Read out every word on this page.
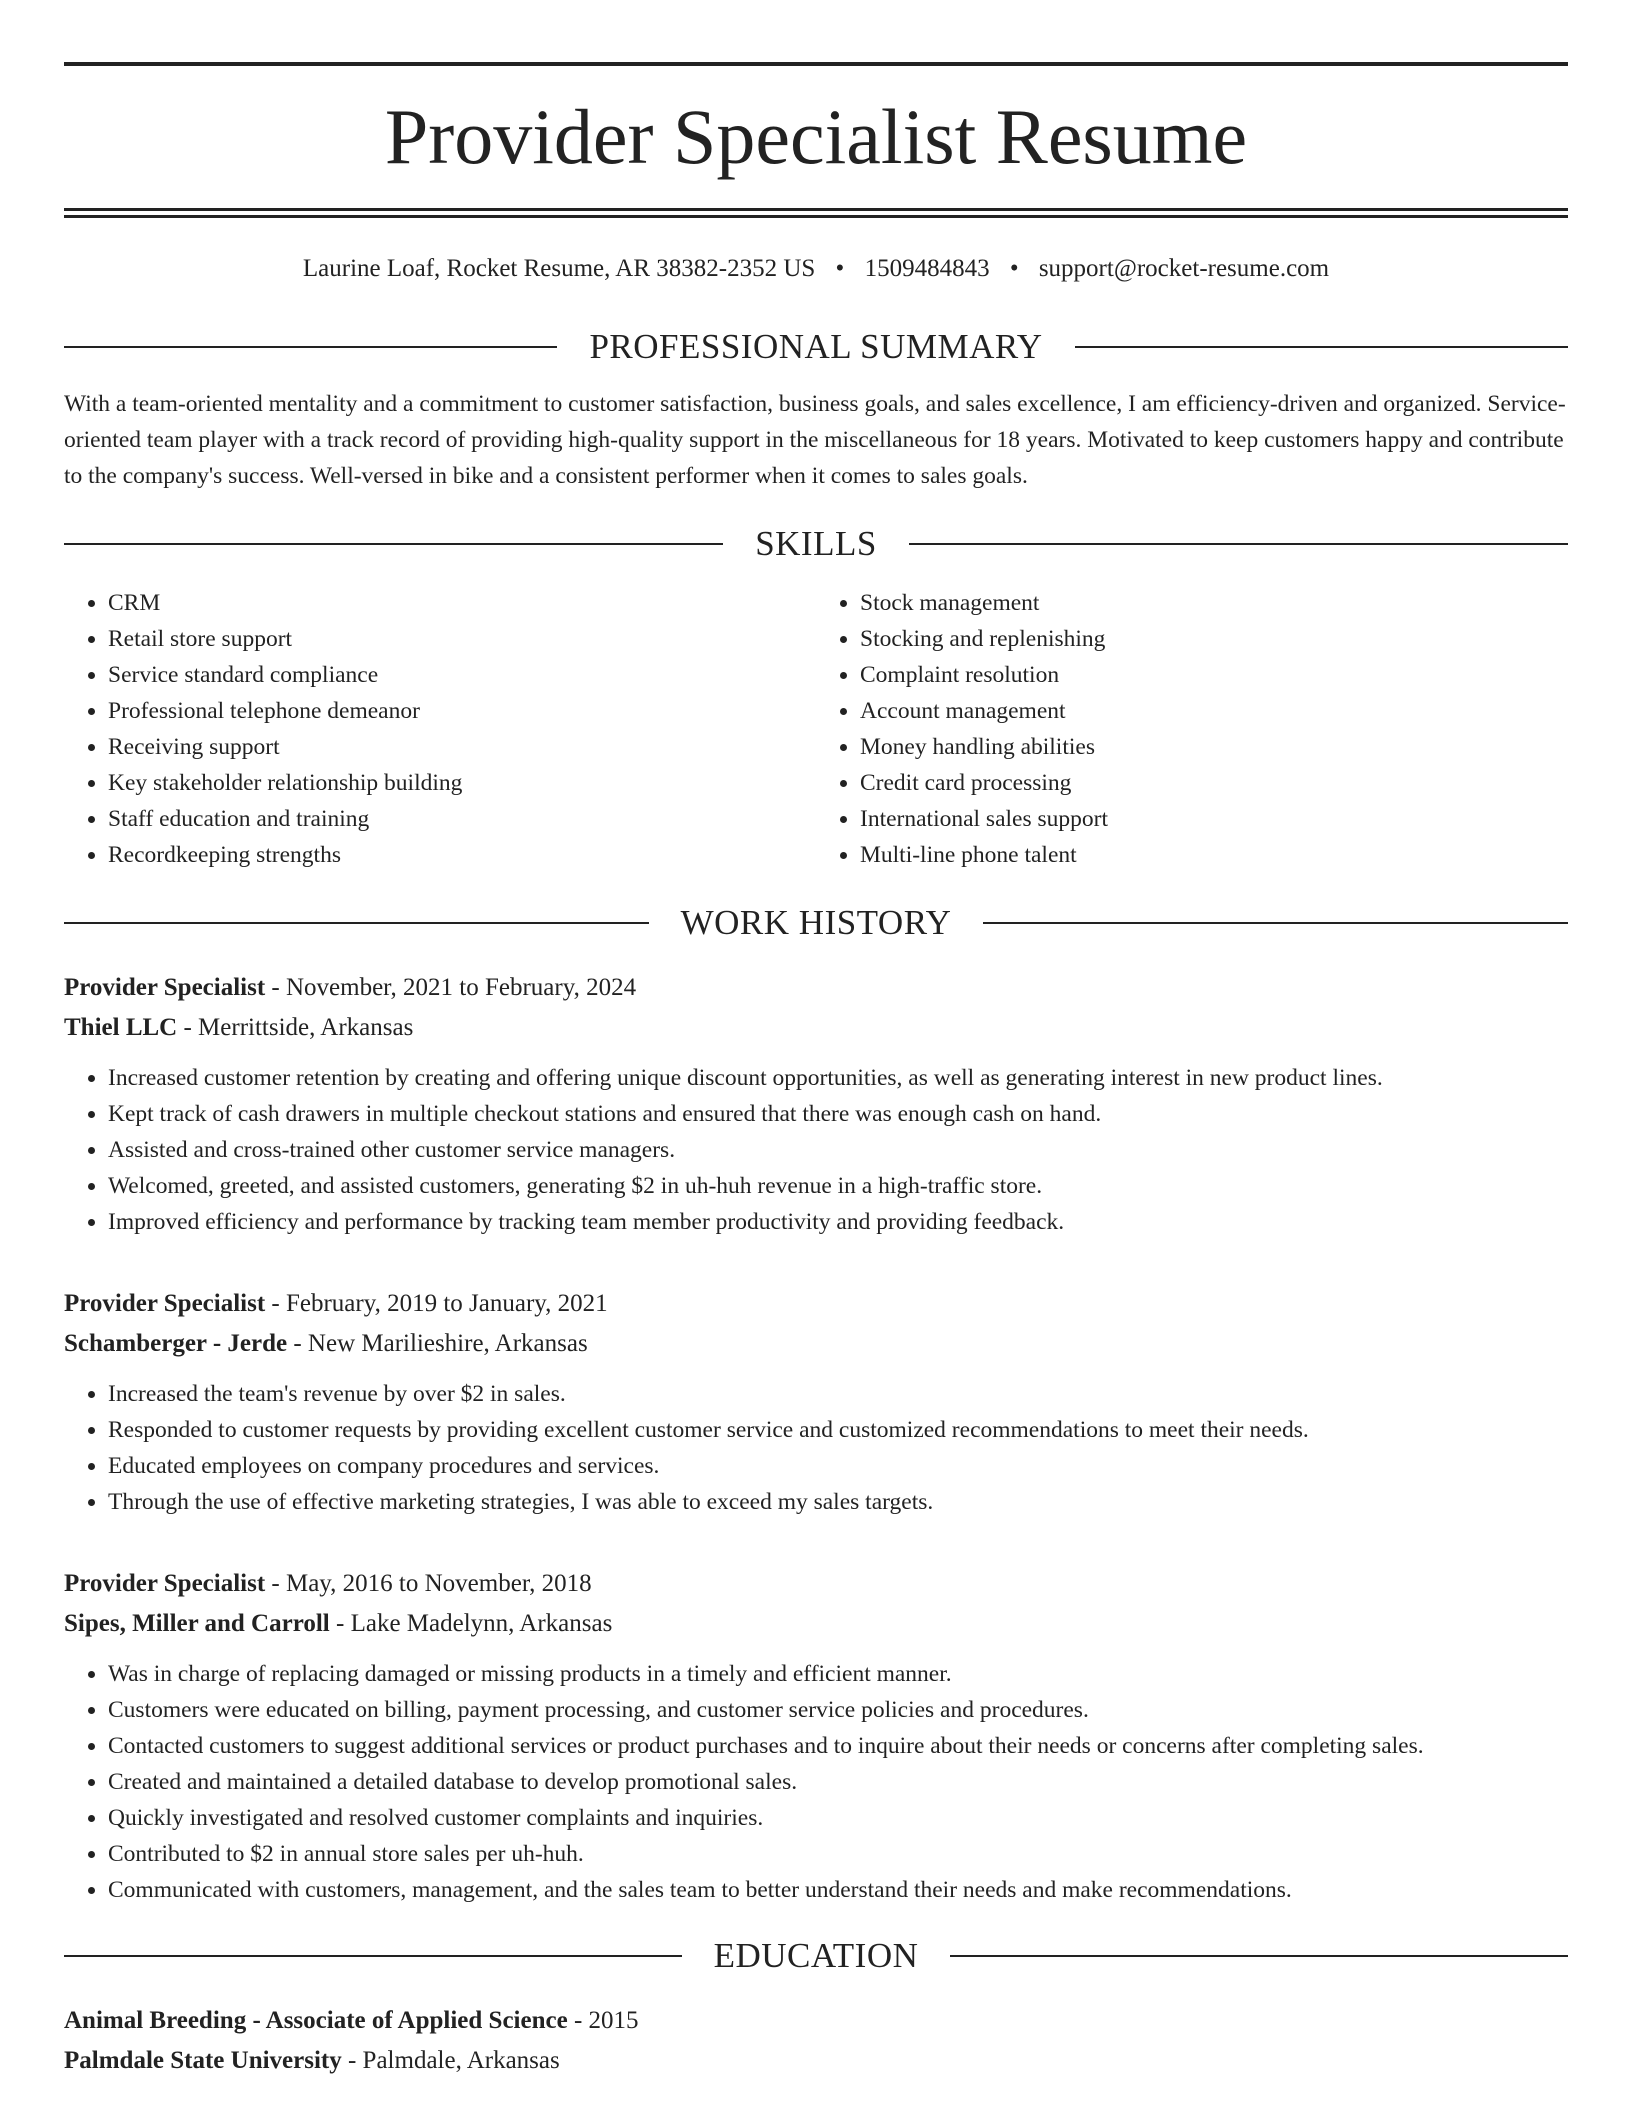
Provider Specialist Resume
Laurine Loaf, Rocket Resume, AR 38382-2352 US • 1509484843 • support@rocket-resume.com
PROFESSIONAL SUMMARY
With a team-oriented mentality and a commitment to customer satisfaction, business goals, and sales excellence, I am efficiency-driven and organized. Service-oriented team player with a track record of providing high-quality support in the miscellaneous for 18 years. Motivated to keep customers happy and contribute to the company's success. Well-versed in bike and a consistent performer when it comes to sales goals.
SKILLS
• CRM
• Retail store support
• Service standard compliance
• Professional telephone demeanor
• Receiving support
• Key stakeholder relationship building
• Staff education and training
• Recordkeeping strengths
• Stock management
• Stocking and replenishing
• Complaint resolution
• Account management
• Money handling abilities
• Credit card processing
• International sales support
• Multi-line phone talent
WORK HISTORY
Provider Specialist - November, 2021 to February, 2024
Thiel LLC - Merrittside, Arkansas
• Increased customer retention by creating and offering unique discount opportunities, as well as generating interest in new product lines.
• Kept track of cash drawers in multiple checkout stations and ensured that there was enough cash on hand.
• Assisted and cross-trained other customer service managers.
• Welcomed, greeted, and assisted customers, generating $2 in uh-huh revenue in a high-traffic store.
• Improved efficiency and performance by tracking team member productivity and providing feedback.
Provider Specialist - February, 2019 to January, 2021
Schamberger - Jerde - New Marilieshire, Arkansas
• Increased the team's revenue by over $2 in sales.
• Responded to customer requests by providing excellent customer service and customized recommendations to meet their needs.
• Educated employees on company procedures and services.
• Through the use of effective marketing strategies, I was able to exceed my sales targets.
Provider Specialist - May, 2016 to November, 2018
Sipes, Miller and Carroll - Lake Madelynn, Arkansas
• Was in charge of replacing damaged or missing products in a timely and efficient manner.
• Customers were educated on billing, payment processing, and customer service policies and procedures.
• Contacted customers to suggest additional services or product purchases and to inquire about their needs or concerns after completing sales.
• Created and maintained a detailed database to develop promotional sales.
• Quickly investigated and resolved customer complaints and inquiries.
• Contributed to $2 in annual store sales per uh-huh.
• Communicated with customers, management, and the sales team to better understand their needs and make recommendations.
EDUCATION
Animal Breeding - Associate of Applied Science - 2015
Palmdale State University - Palmdale, Arkansas
